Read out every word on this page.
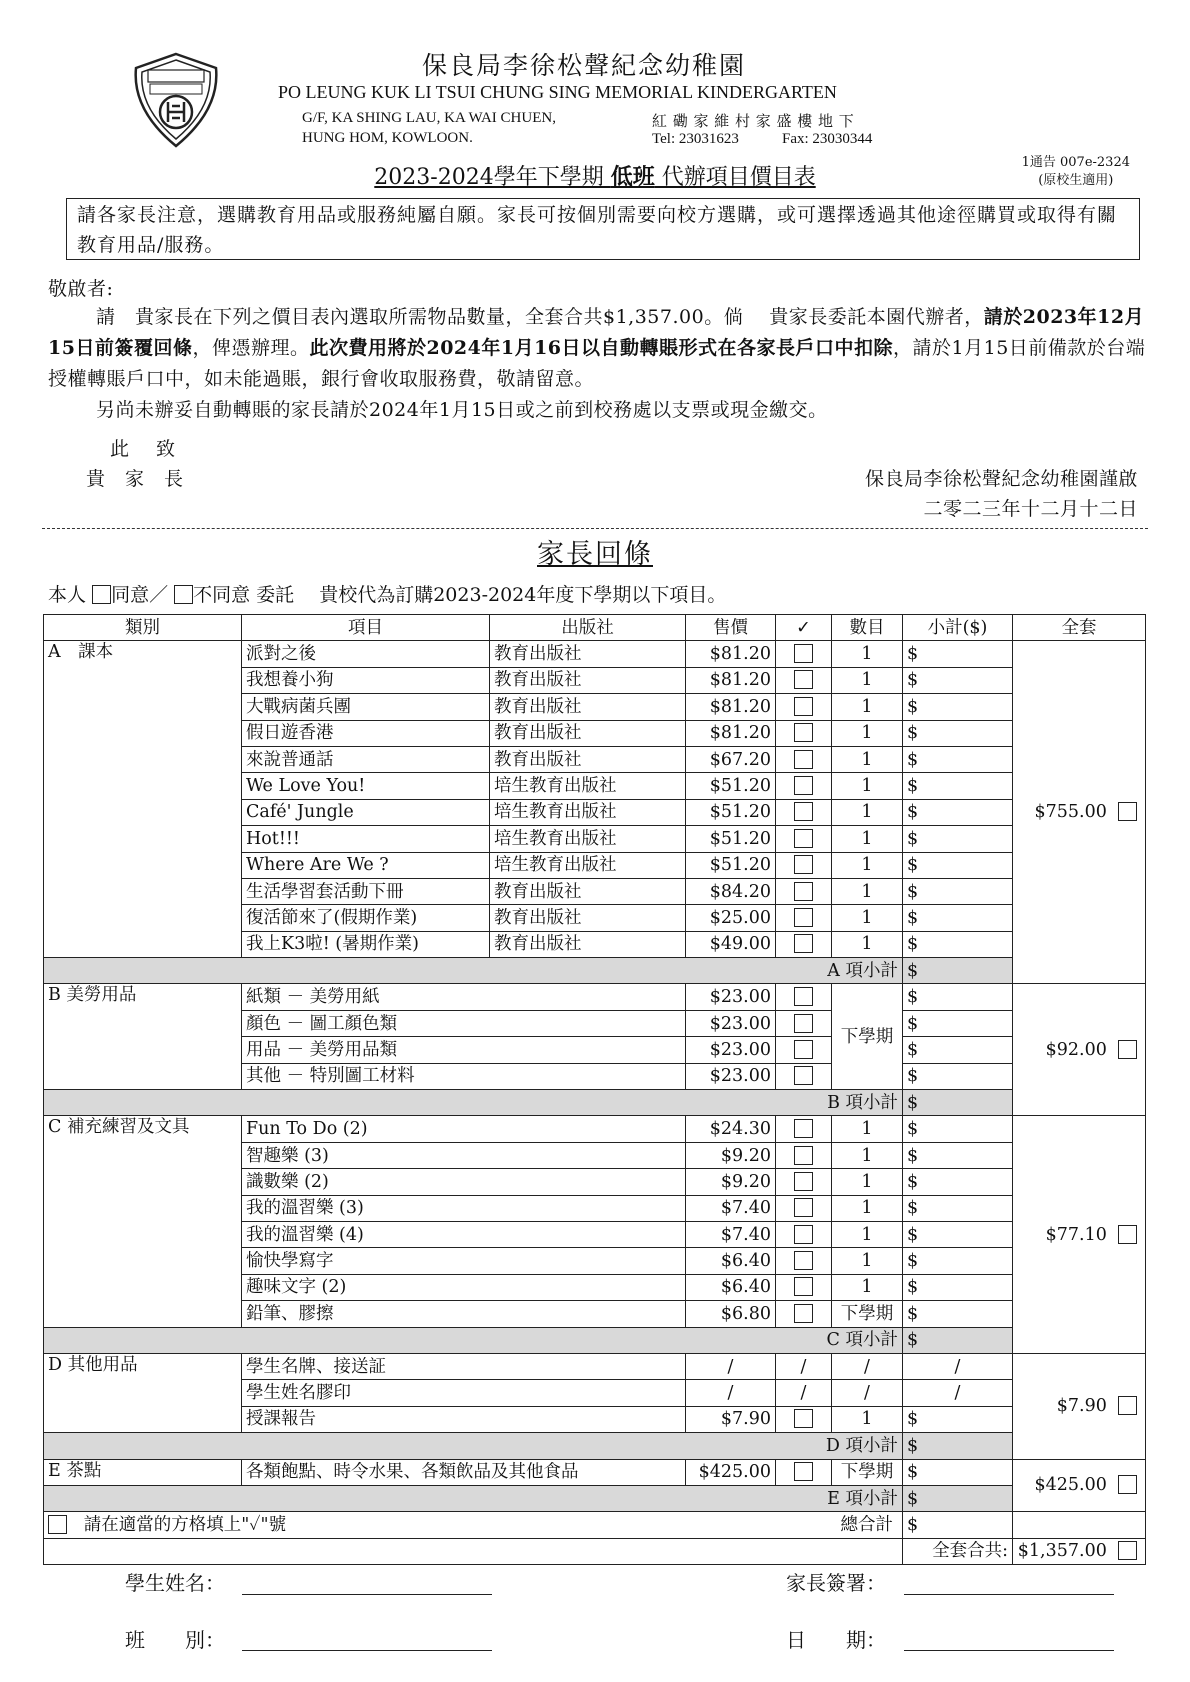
保良局李徐松聲紀念幼稚園
PO LEUNG KUK LI TSUI CHUNG SING MEMORIAL KINDERGARTEN
G/F, KA SHING LAU, KA WAI CHUEN,
HUNG HOM, KOWLOON.
紅 磡 家 維 村 家 盛 樓 地 下
Tel: 23031623	Fax: 23030344
1通告 007e-2324
(原校生適用)
2023-2024學年下學期 低班 代辦項目價目表
請各家長注意，選購教育用品或服務純屬自願。家長可按個別需要向校方選購，或可選擇透過其他途徑購買或取得有關教育用品/服務。
敬啟者:
請　貴家長在下列之價目表內選取所需物品數量，全套合共$1,357.00。倘　 貴家長委託本園代辦者，請於2023年12月15日前簽覆回條，俾憑辦理。此次費用將於2024年1月16日以自動轉賬形式在各家長戶口中扣除，請於1月15日前備款於台端授權轉賬戶口中，如未能過賬，銀行會收取服務費，敬請留意。
另尚未辦妥自動轉賬的家長請於2024年1月15日或之前到校務處以支票或現金繳交。
此　致
貴　家　長	保良局李徐松聲紀念幼稚園謹啟
二零二三年十二月十二日
家長回條
本人 同意／ 不同意 委託　 貴校代為訂購2023-2024年度下學期以下項目。
類別	項目	出版社	售價	✓	數目	小計($)	全套
A　課本	派對之後	教育出版社	$81.20		1	$	$755.00
	我想養小狗	教育出版社	$81.20		1	$	
	大戰病菌兵團	教育出版社	$81.20		1	$	
	假日遊香港	教育出版社	$81.20		1	$	
	來說普通話	教育出版社	$67.20		1	$	
	We Love You!	培生教育出版社	$51.20		1	$	
	Café' Jungle	培生教育出版社	$51.20		1	$	
	Hot!!!	培生教育出版社	$51.20		1	$	
	Where Are We ?	培生教育出版社	$51.20		1	$	
	生活學習套活動下冊	教育出版社	$84.20		1	$	
	復活節來了(假期作業)	教育出版社	$25.00		1	$	
	我上K3啦! (暑期作業)	教育出版社	$49.00		1	$	
A 項小計						$	
B 美勞用品	紙類 － 美勞用紙		$23.00		下學期	$	$92.00
	顏色 － 圖工顏色類		$23.00			$	
	用品 － 美勞用品類		$23.00			$	
	其他 － 特別圖工材料		$23.00			$	
B 項小計						$	
C 補充練習及文具	Fun To Do (2)		$24.30		1	$	$77.10
	智趣樂 (3)		$9.20		1	$	
	識數樂 (2)		$9.20		1	$	
	我的溫習樂 (3)		$7.40		1	$	
	我的溫習樂 (4)		$7.40		1	$	
	愉快學寫字		$6.40		1	$	
	趣味文字 (2)		$6.40		1	$	
	鉛筆、膠擦		$6.80		下學期	$	
C 項小計						$	
D 其他用品	學生名牌、接送証		/	/	/	/	$7.90
	學生姓名膠印		/	/	/	/	
	授課報告		$7.90		1	$	
D 項小計						$	
E 茶點	各類飽點、時令水果、各類飲品及其他食品		$425.00		下學期	$	$425.00
E 項小計						$	
請在適當的方格填上"✓"號					總合計	$	
						全套合共:	$1,357.00
學生姓名：
班　　別：
家長簽署：
日　　期：
